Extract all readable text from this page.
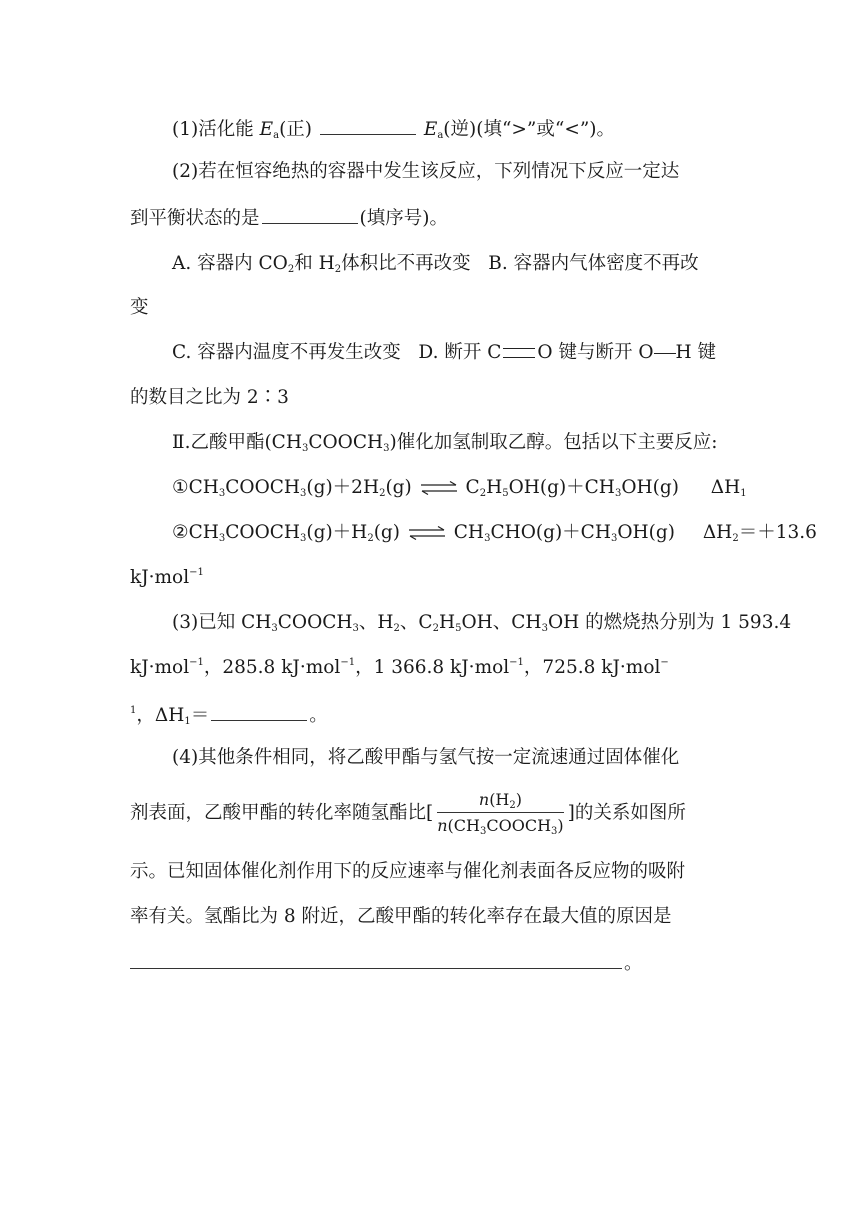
(1)活化能 $E_a$(正)	$E_a$(逆)(填“>”或“<”)。
(2)若在恒容绝热的容器中发生该反应，下列情况下反应一定达
到平衡状态的是	(填序号)。
A. 容器内 $CO_2$和 $H_2$体积比不再改变 B. 容器内气体密度不再改
变
C. 容器内温度不再发生改变 D. 断开 C O 键与断开 O H 键
的数目之比为 2∶3
Ⅱ.乙酸甲酯$(CH_3COOCH_3)$催化加氢制取乙醇。包括以下主要反应:
$①CH_3COOCH_3(g)+2H_2(g)$ ⇌ $C_2H_5OH(g)+CH_3OH(g)$ $\Delta H_1$
$②CH_3COOCH_3(g)+H_2(g)$ ⇌ $CH_3CHO(g)+CH_3OH(g)$ $\Delta H_2=+13.6$
kJ·mol$^{-1}$
(3)已知 $CH_3COOCH_3$、$H_2$、$C_2H_5OH$、$CH_3OH$ 的燃烧热分别为 1 593.4
kJ·mol$^{-1}$，285.8 kJ·mol$^{-1}$，1 366.8 kJ·mol$^{-1}$，725.8 kJ·mol−
$^1$，$\Delta H_1=$	。
(4)其他条件相同，将乙酸甲酯与氢气按一定流速通过固体催化
剂表面，乙酸甲酯的转化率随氢酯比[ $\frac{n(H_2)}{n(CH_3COOCH_3)}$ ]的关系如图所
示。已知固体催化剂作用下的反应速率与催化剂表面各反应物的吸附
率有关。氢酯比为 8 附近，乙酸甲酯的转化率存在最大值的原因是
。
